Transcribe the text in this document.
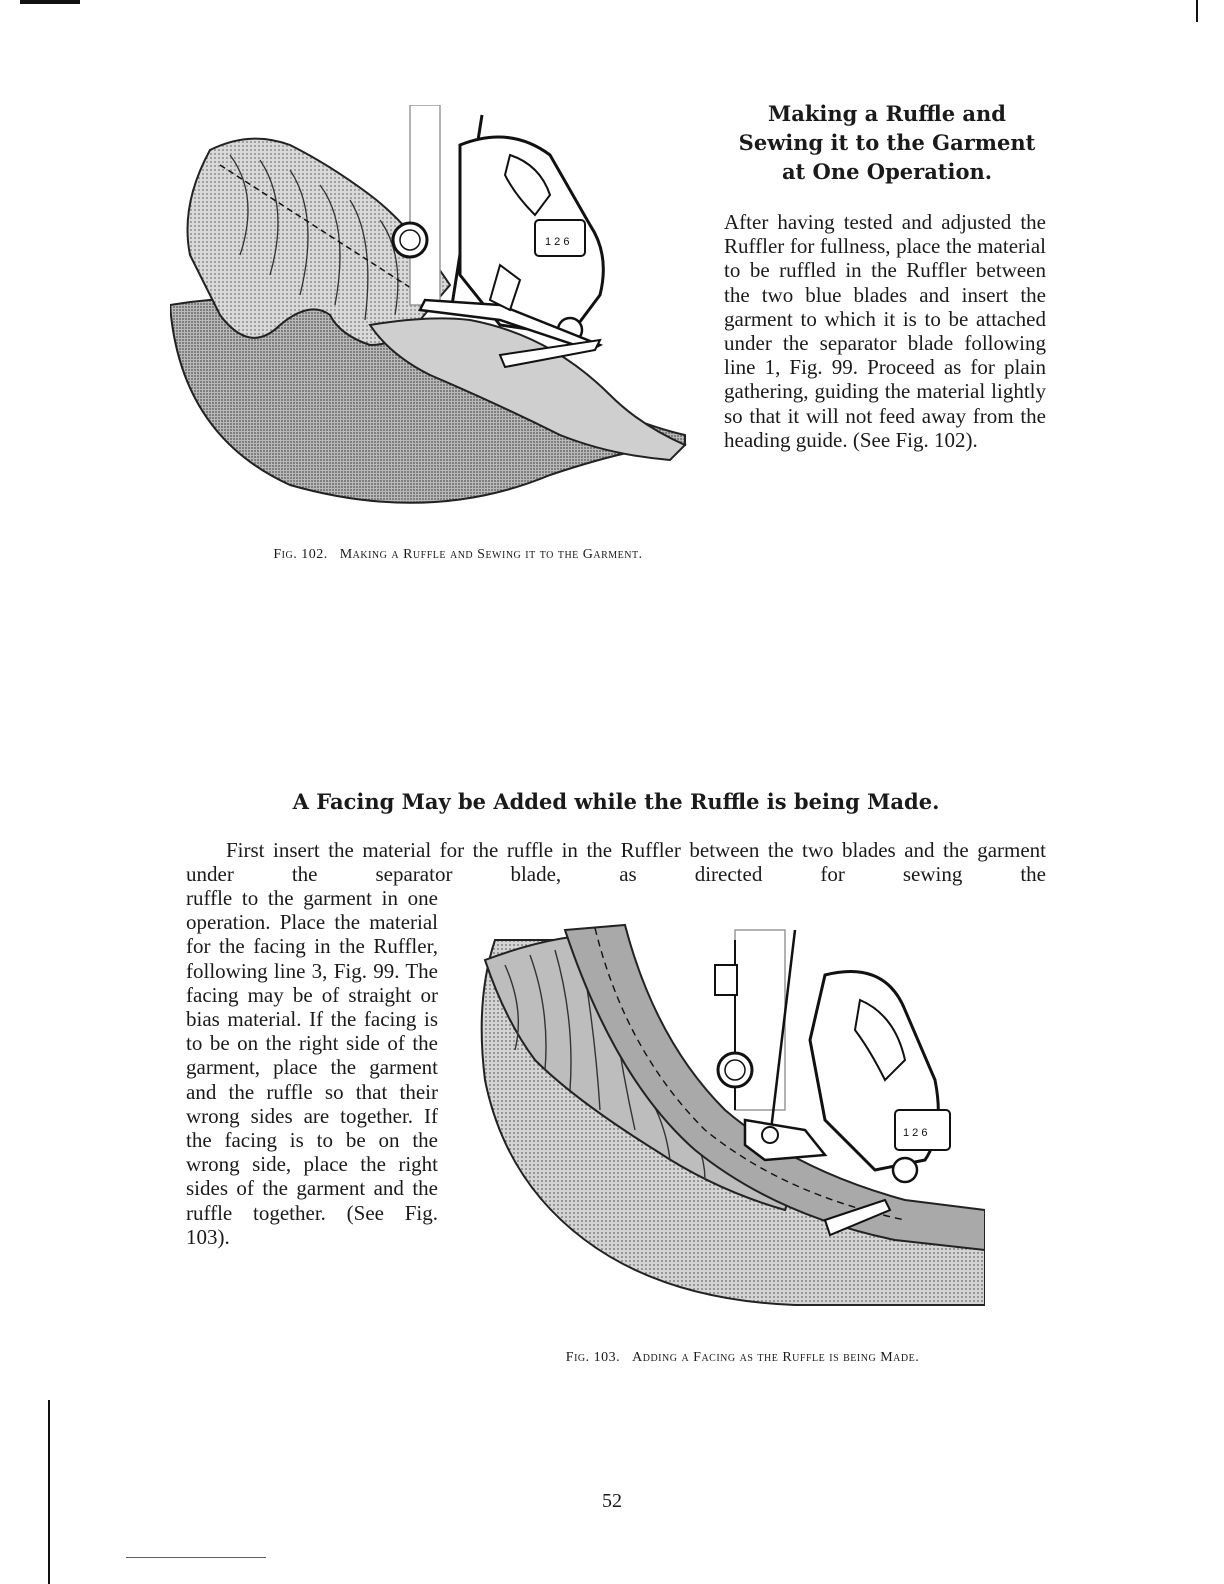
1 2 6
Fig. 102. Making a Ruffle and Sewing it to the Garment.
Making a Ruffle and Sewing it to the Garment at One Operation.
After having tested and adjusted the Ruffler for fullness, place the material to be ruffled in the Ruffler between the two blue blades and insert the garment to which it is to be attached under the separator blade following line 1, Fig. 99. Proceed as for plain gathering, guiding the material lightly so that it will not feed away from the heading guide. (See Fig. 102).
A Facing May be Added while the Ruffle is being Made.
First insert the material for the ruffle in the Ruffler between the two blades and the garment under the separator blade, as directed for sewing the
ruffle to the garment in one operation. Place the material for the facing in the Ruffler, following line 3, Fig. 99. The facing may be of straight or bias material. If the facing is to be on the right side of the garment, place the garment and the ruffle so that their wrong sides are together. If the facing is to be on the wrong side, place the right sides of the garment and the ruffle together. (See Fig. 103).
1 2 6
Fig. 103. Adding a Facing as the Ruffle is being Made.
52
